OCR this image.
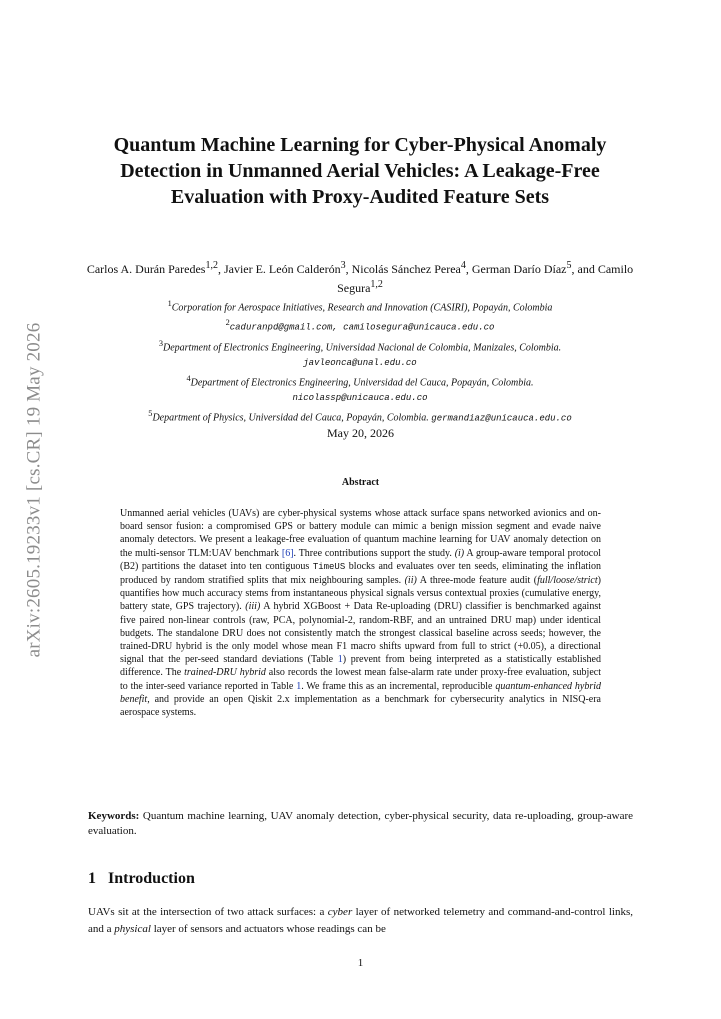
arXiv:2605.19233v1 [cs.CR] 19 May 2026
Quantum Machine Learning for Cyber-Physical Anomaly Detection in Unmanned Aerial Vehicles: A Leakage-Free Evaluation with Proxy-Audited Feature Sets
Carlos A. Durán Paredes$^{1,2}$, Javier E. León Calderón$^3$, Nicolás Sánchez Perea$^4$, German Darío Díaz$^5$, and Camilo Segura$^{1,2}$
$^1$Corporation for Aerospace Initiatives, Research and Innovation (CASIRI), Popayán, Colombia
$^2$caduranpd@gmail.com, camilosegura@unicauca.edu.co
$^3$Department of Electronics Engineering, Universidad Nacional de Colombia, Manizales, Colombia.
javleonca@unal.edu.co
$^4$Department of Electronics Engineering, Universidad del Cauca, Popayán, Colombia.
nicolassp@unicauca.edu.co
$^5$Department of Physics, Universidad del Cauca, Popayán, Colombia. germandiaz@unicauca.edu.co
May 20, 2026
Abstract

Unmanned aerial vehicles (UAVs) are cyber-physical systems whose attack surface spans networked avionics and on-board sensor fusion: a compromised GPS or battery module can mimic a benign mission segment and evade naive anomaly detectors. We present a leakage-free evaluation of quantum machine learning for UAV anomaly detection on the multi-sensor TLM:UAV benchmark [6]. Three contributions support the study. (i) A group-aware temporal protocol (B2) partitions the dataset into ten contiguous TimeUS blocks and evaluates over ten seeds, eliminating the inflation produced by random stratified splits that mix neighbouring samples. (ii) A three-mode feature audit (full/loose/strict) quantifies how much accuracy stems from instantaneous physical signals versus contextual proxies (cumulative energy, battery state, GPS trajectory). (iii) A hybrid XGBoost + Data Re-uploading (DRU) classifier is benchmarked against five paired non-linear controls (raw, PCA, polynomial-2, random-RBF, and an untrained DRU map) under identical budgets. The standalone DRU does not consistently match the strongest classical baseline across seeds; however, the trained-DRU hybrid is the only model whose mean F1 macro shifts upward from full to strict (+0.05), a directional signal that the per-seed standard deviations (Table 1) prevent from being interpreted as a statistically established difference. The trained-DRU hybrid also records the lowest mean false-alarm rate under proxy-free evaluation, subject to the inter-seed variance reported in Table 1. We frame this as an incremental, reproducible quantum-enhanced hybrid benefit, and provide an open Qiskit 2.x implementation as a benchmark for cybersecurity analytics in NISQ-era aerospace systems.

Keywords: Quantum machine learning, UAV anomaly detection, cyber-physical security, data re-uploading, group-aware evaluation.

1 Introduction

UAVs sit at the intersection of two attack surfaces: a cyber layer of networked telemetry and command-and-control links, and a physical layer of sensors and actuators whose readings can be

1
